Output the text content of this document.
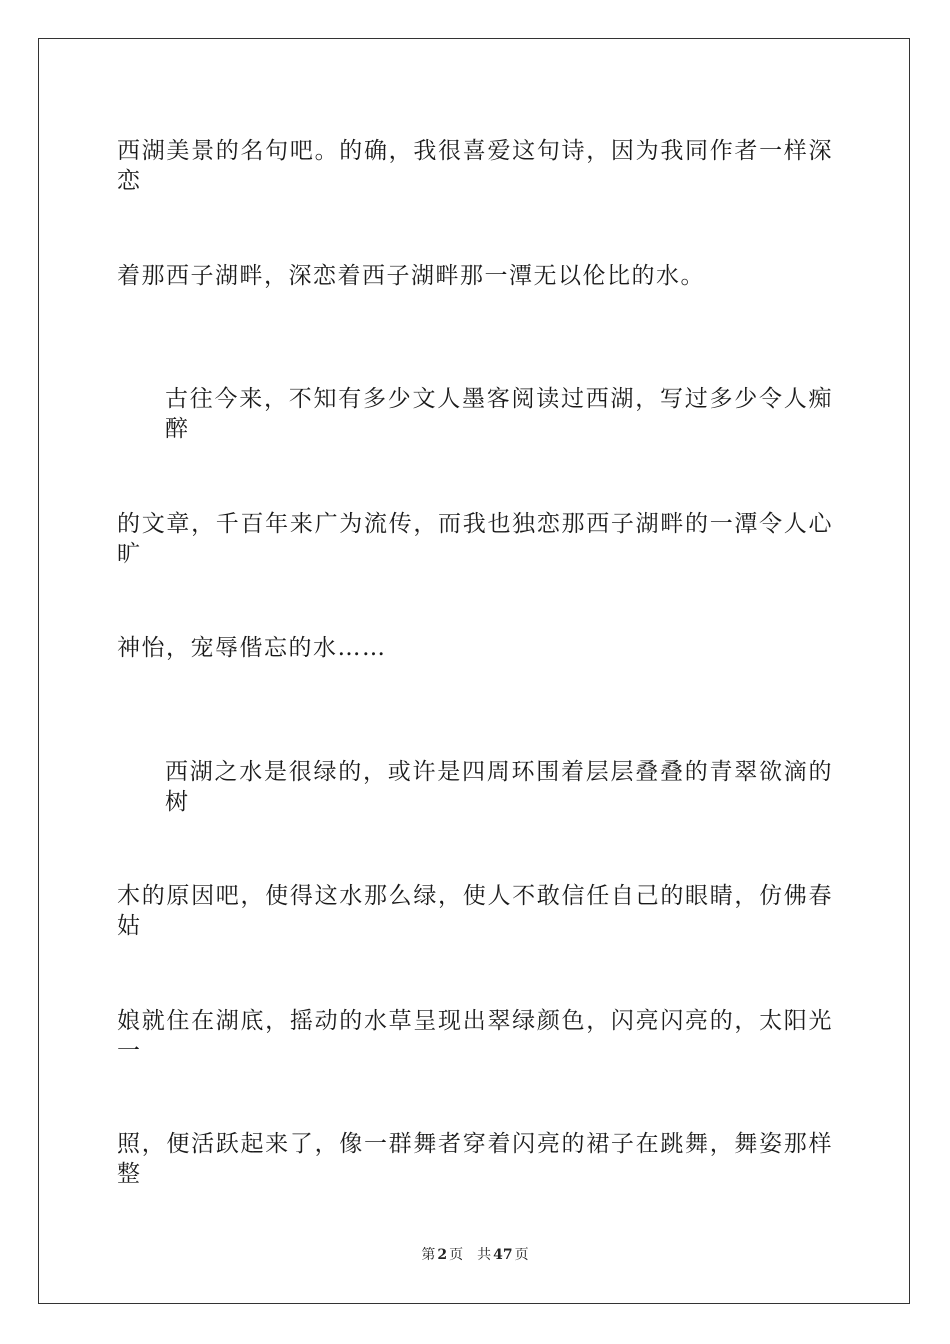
西湖美景的名句吧。的确，我很喜爱这句诗，因为我同作者一样深恋
着那西子湖畔，深恋着西子湖畔那一潭无以伦比的水。
古往今来，不知有多少文人墨客阅读过西湖，写过多少令人痴醉
的文章，千百年来广为流传，而我也独恋那西子湖畔的一潭令人心旷
神怡，宠辱偕忘的水……
西湖之水是很绿的，或许是四周环围着层层叠叠的青翠欲滴的树
木的原因吧，使得这水那么绿，使人不敢信任自己的眼睛，仿佛春姑
娘就住在湖底，摇动的水草呈现出翠绿颜色，闪亮闪亮的，太阳光一
照，便活跃起来了，像一群舞者穿着闪亮的裙子在跳舞，舞姿那样整
第 2 页 共 47 页
